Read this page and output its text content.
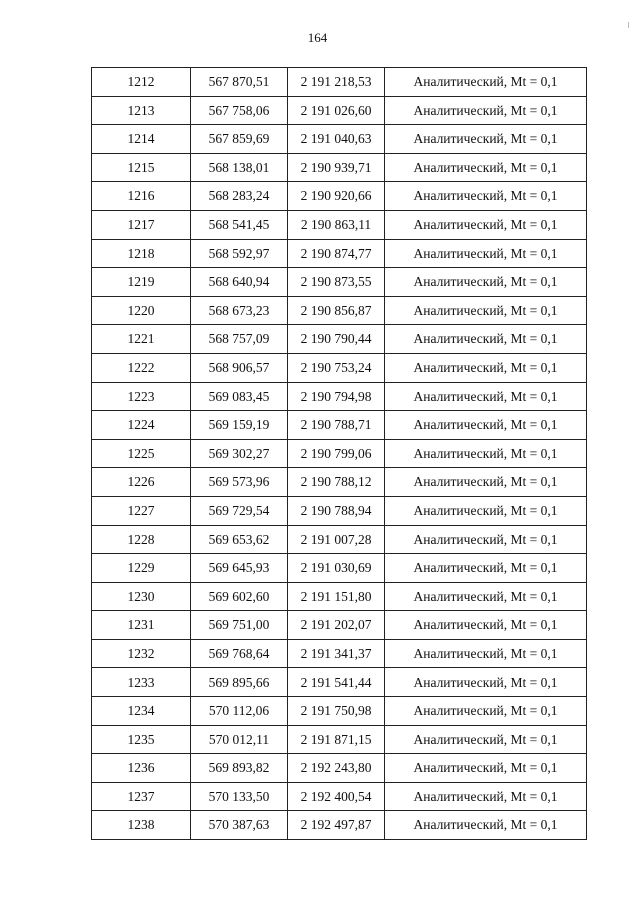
164
1212	567 870,51	2 191 218,53	Аналитический, Mt = 0,1
1213	567 758,06	2 191 026,60	Аналитический, Mt = 0,1
1214	567 859,69	2 191 040,63	Аналитический, Mt = 0,1
1215	568 138,01	2 190 939,71	Аналитический, Mt = 0,1
1216	568 283,24	2 190 920,66	Аналитический, Mt = 0,1
1217	568 541,45	2 190 863,11	Аналитический, Mt = 0,1
1218	568 592,97	2 190 874,77	Аналитический, Mt = 0,1
1219	568 640,94	2 190 873,55	Аналитический, Mt = 0,1
1220	568 673,23	2 190 856,87	Аналитический, Mt = 0,1
1221	568 757,09	2 190 790,44	Аналитический, Mt = 0,1
1222	568 906,57	2 190 753,24	Аналитический, Mt = 0,1
1223	569 083,45	2 190 794,98	Аналитический, Mt = 0,1
1224	569 159,19	2 190 788,71	Аналитический, Mt = 0,1
1225	569 302,27	2 190 799,06	Аналитический, Mt = 0,1
1226	569 573,96	2 190 788,12	Аналитический, Mt = 0,1
1227	569 729,54	2 190 788,94	Аналитический, Mt = 0,1
1228	569 653,62	2 191 007,28	Аналитический, Mt = 0,1
1229	569 645,93	2 191 030,69	Аналитический, Mt = 0,1
1230	569 602,60	2 191 151,80	Аналитический, Mt = 0,1
1231	569 751,00	2 191 202,07	Аналитический, Mt = 0,1
1232	569 768,64	2 191 341,37	Аналитический, Mt = 0,1
1233	569 895,66	2 191 541,44	Аналитический, Mt = 0,1
1234	570 112,06	2 191 750,98	Аналитический, Mt = 0,1
1235	570 012,11	2 191 871,15	Аналитический, Mt = 0,1
1236	569 893,82	2 192 243,80	Аналитический, Mt = 0,1
1237	570 133,50	2 192 400,54	Аналитический, Mt = 0,1
1238	570 387,63	2 192 497,87	Аналитический, Mt = 0,1
